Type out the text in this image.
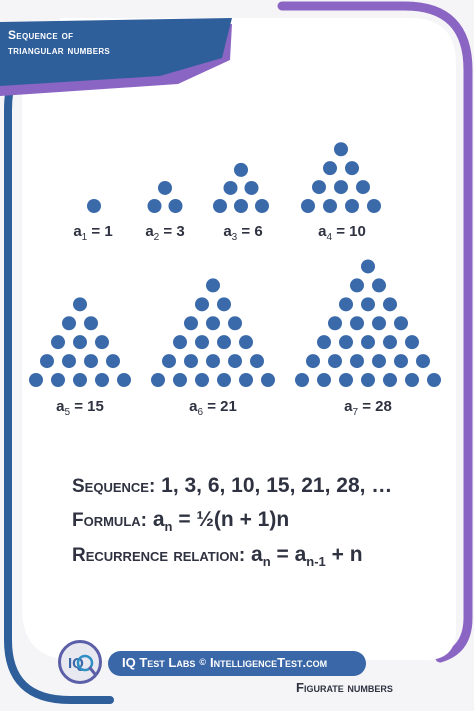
Sequence of
triangular numbers
$a_1 = 1$ $a_2 = 3$	$a_3 = 6$	$a_4 = 10$
$a_5 = 15$	$a_6 = 21$	$a_7 = 28$
Sequence: 1, 3, 6, 10, 15, 21, 28, …
Formula: $a_n$ = ½(n + 1)n
Recurrence relation: $a_n = a_{n-1} + n$
IQ	IQ Test Labs © IntelligenceTest.com
Figurate numbers
